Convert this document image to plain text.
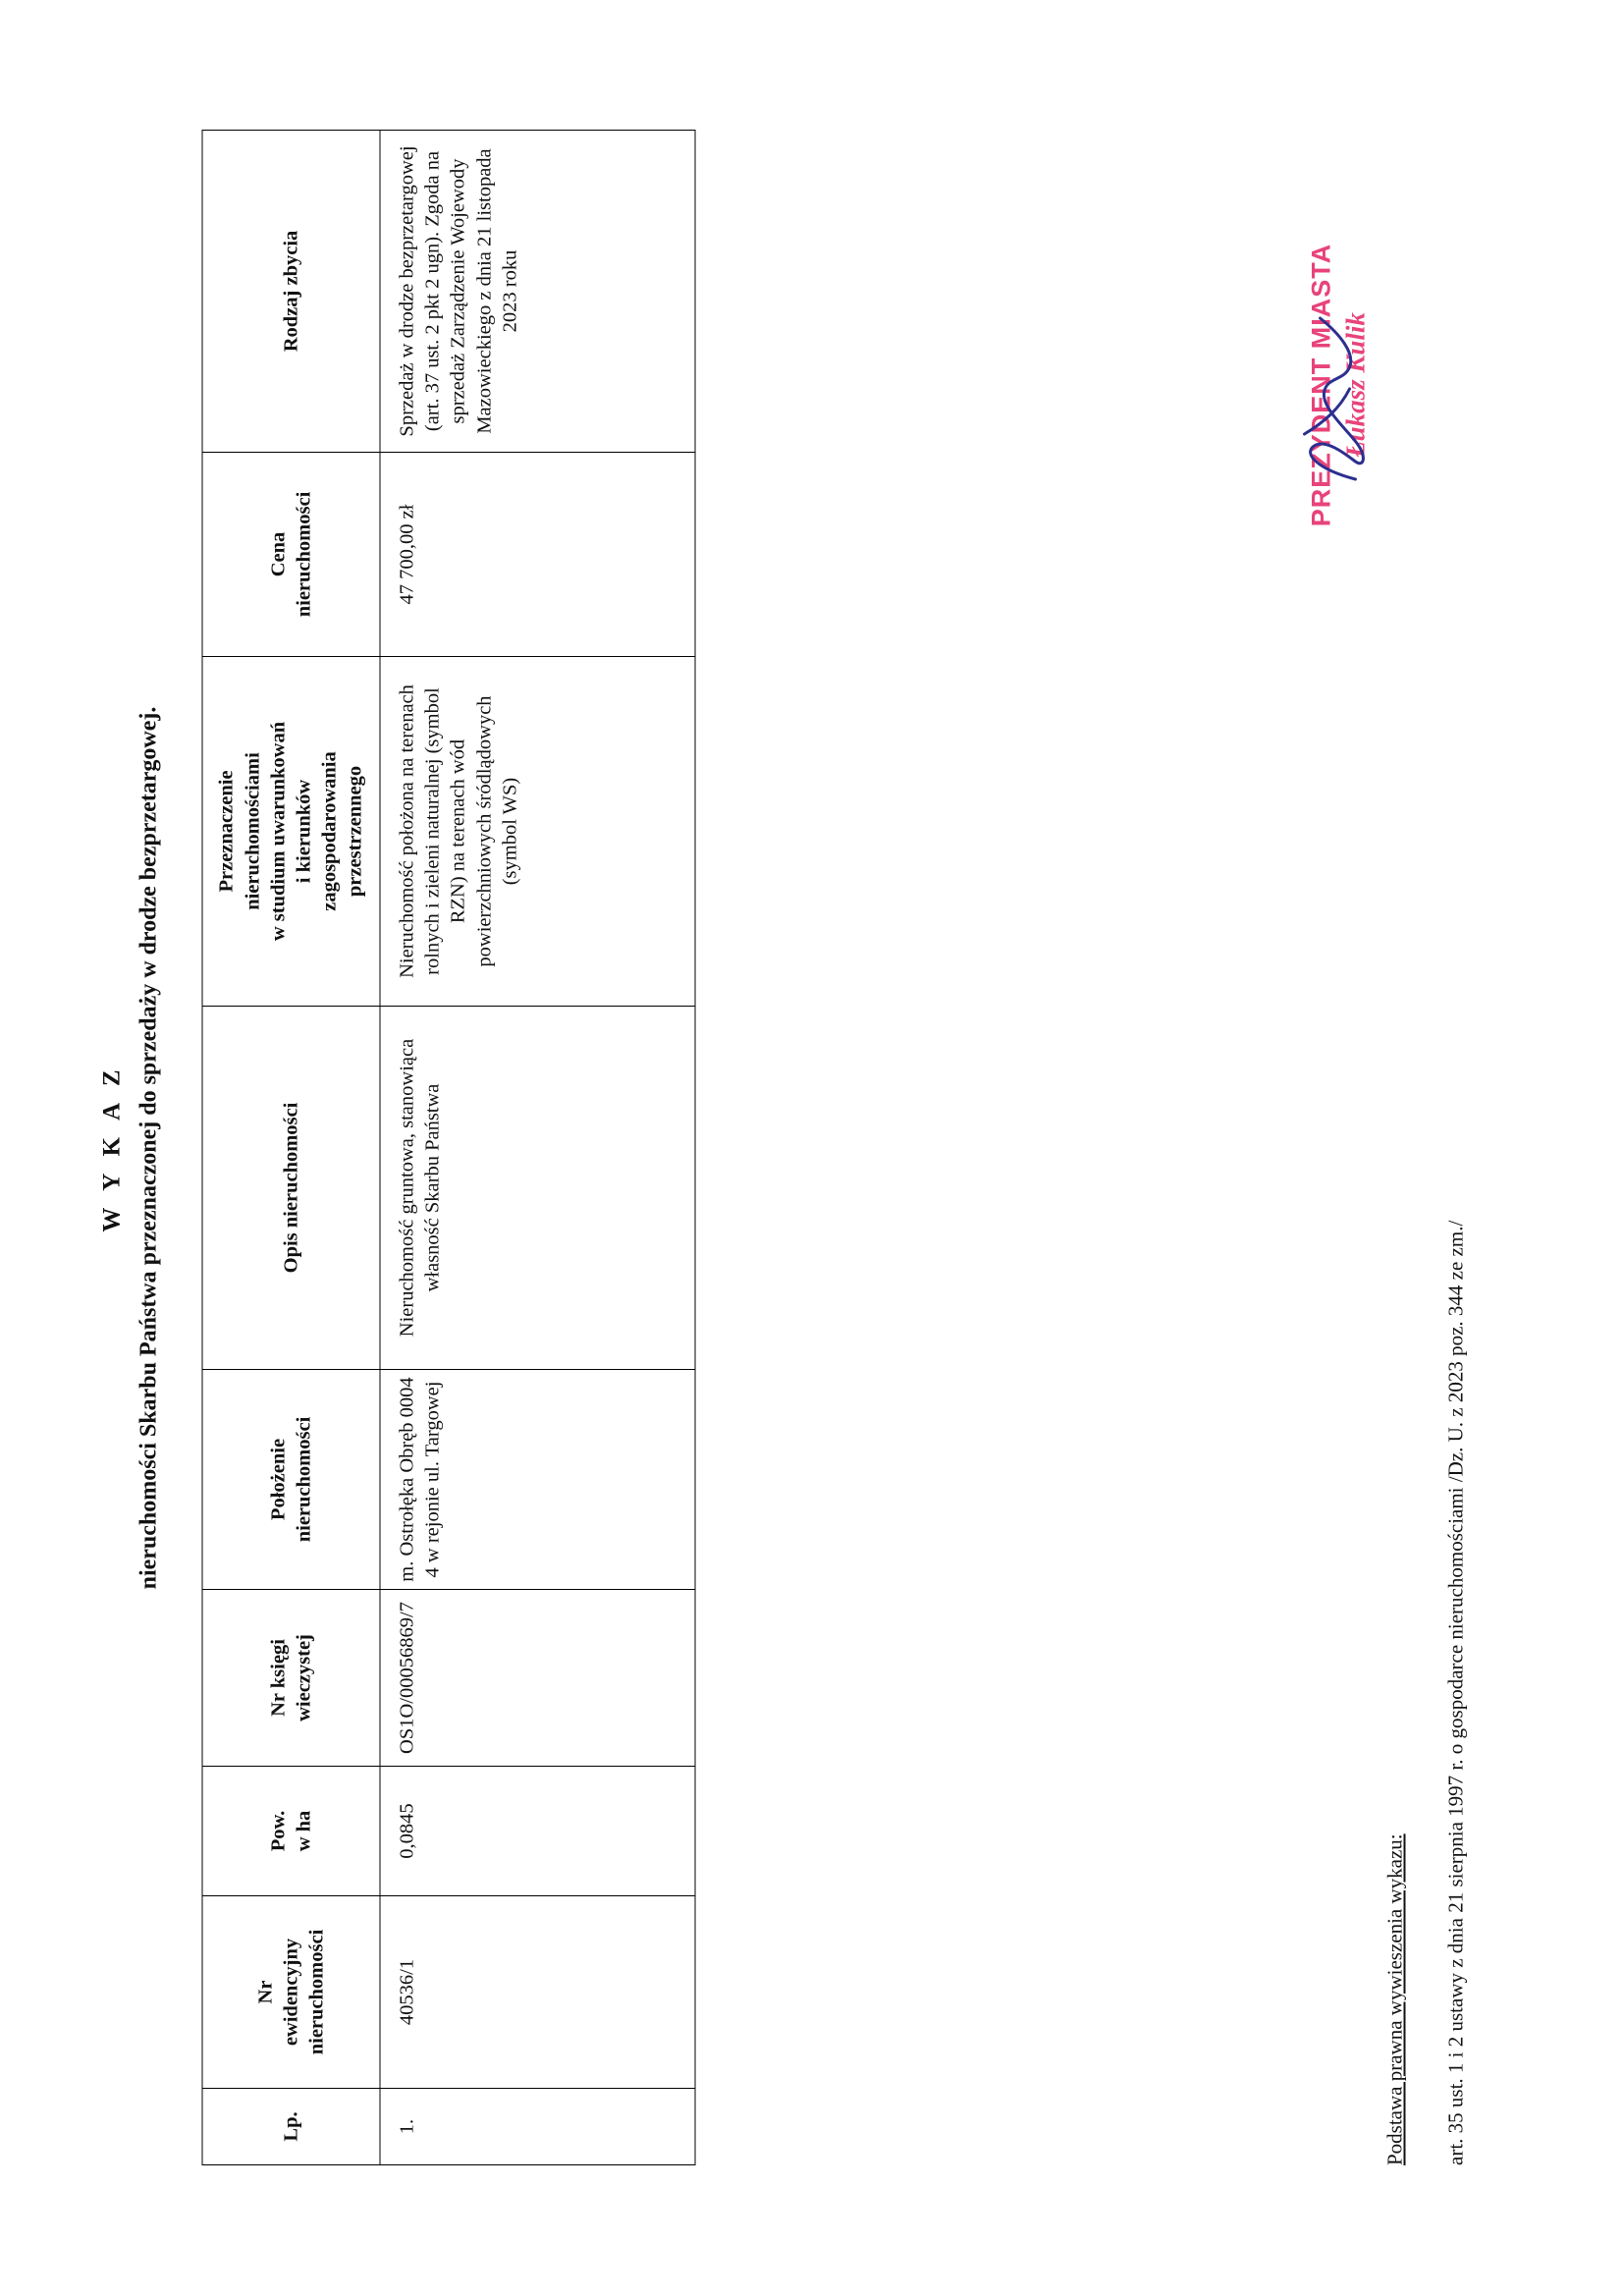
W Y K A Z nieruchomości Skarbu Państwa przeznaczonej do sprzedaży w drodze bezprzetargowej.
Lp.	Nr ewidencyjny nieruchomości	Pow. w ha	Nr księgi wieczystej	Położenie nieruchomości	Opis nieruchomości	Przeznaczenie nieruchomościami w studium uwarunkowań i kierunków zagospodarowania przestrzennego	Cena nieruchomości	Rodzaj zbycia
1.	40536/1	0,0845	OS1O/00056869/7	m. Ostrołęka Obręb 0004 4 w rejonie ul. Targowej	Nieruchomość gruntowa, stanowiąca własność Skarbu Państwa	Nieruchomość położona na terenach rolnych i zieleni naturalnej (symbol RZN) na terenach wód powierzchniowych śródlądowych (symbol WS)	47 700,00 zł	Sprzedaż w drodze bezprzetargowej (art. 37 ust. 2 pkt 2 ugn). Zgoda na sprzedaż Zarządzenie Wojewody Mazowieckiego z dnia 21 listopada 2023 roku
Podstawa prawna wywieszenia wykazu: art. 35 ust. 1 i 2 ustawy z dnia 21 sierpnia 1997 r. o gospodarce nieruchomościami /Dz. U. z 2023 poz. 344 ze zm./
PREZYDENT MIASTA Łukasz Kulik
